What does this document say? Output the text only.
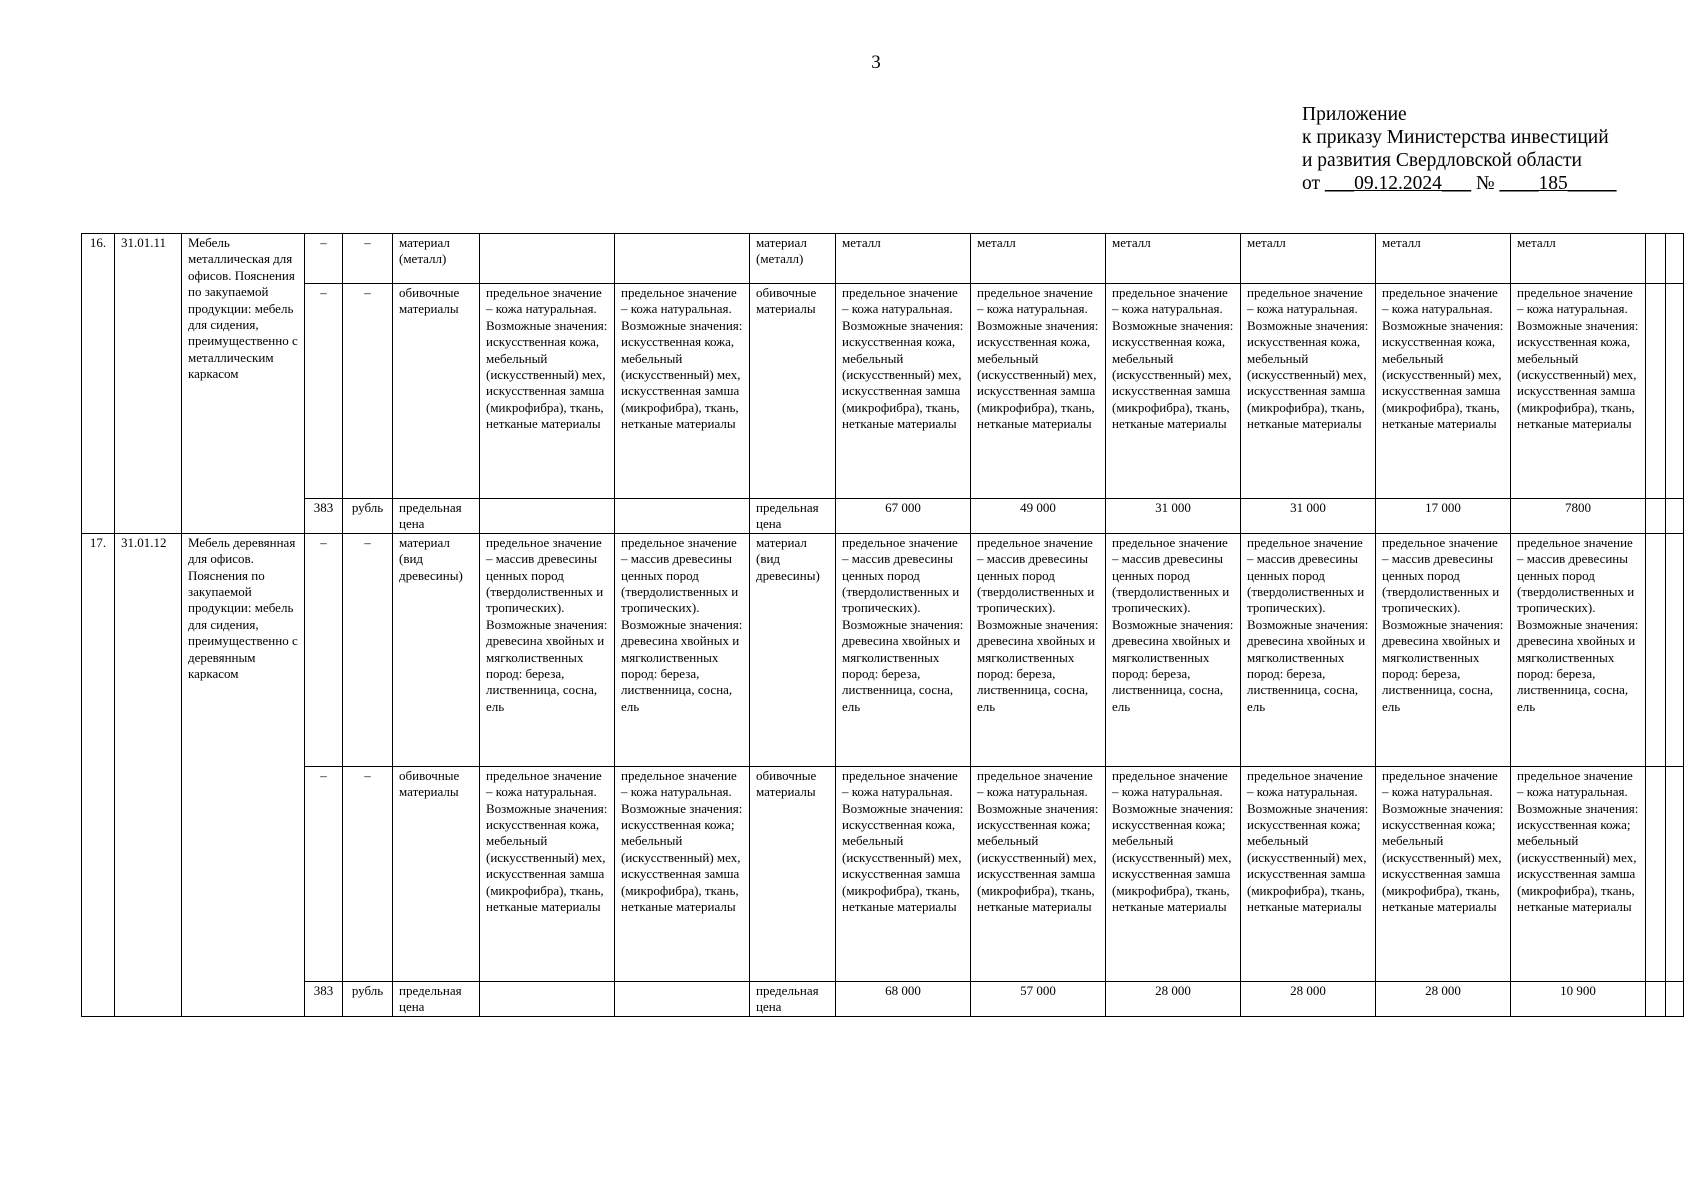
3
Приложение
к приказу Министерства инвестиций
и развития Свердловской области
от ___09.12.2024___ № ____185_____
16.	31.01.11	Мебель металлическая для офисов. Пояснения по закупаемой продукции: мебель для сидения, преимущественно с металлическим каркасом	–	–	материал (металл)			материал (металл)	металл	металл	металл	металл	металл	металл		
			–	–	обивочные материалы	предельное значение – кожа натуральная. Возможные значения: искусственная кожа, мебельный (искусственный) мех, искусственная замша (микрофибра), ткань, нетканые материалы	предельное значение – кожа натуральная. Возможные значения: искусственная кожа, мебельный (искусственный) мех, искусственная замша (микрофибра), ткань, нетканые материалы	обивочные материалы	предельное значение – кожа натуральная. Возможные значения: искусственная кожа, мебельный (искусственный) мех, искусственная замша (микрофибра), ткань, нетканые материалы	предельное значение – кожа натуральная. Возможные значения: искусственная кожа, мебельный (искусственный) мех, искусственная замша (микрофибра), ткань, нетканые материалы	предельное значение – кожа натуральная. Возможные значения: искусственная кожа, мебельный (искусственный) мех, искусственная замша (микрофибра), ткань, нетканые материалы	предельное значение – кожа натуральная. Возможные значения: искусственная кожа, мебельный (искусственный) мех, искусственная замша (микрофибра), ткань, нетканые материалы	предельное значение – кожа натуральная. Возможные значения: искусственная кожа, мебельный (искусственный) мех, искусственная замша (микрофибра), ткань, нетканые материалы	предельное значение – кожа натуральная. Возможные значения: искусственная кожа, мебельный (искусственный) мех, искусственная замша (микрофибра), ткань, нетканые материалы		
			383	рубль	предельная цена			предельная цена	67 000	49 000	31 000	31 000	17 000	7800		
17.	31.01.12	Мебель деревянная для офисов. Пояснения по закупаемой продукции: мебель для сидения, преимущественно с деревянным каркасом	–	–	материал (вид древесины)	предельное значение – массив древесины ценных пород (твердолиственных и тропических). Возможные значения: древесина хвойных и мягколиственных пород: береза, лиственница, сосна, ель	предельное значение – массив древесины ценных пород (твердолиственных и тропических). Возможные значения: древесина хвойных и мягколиственных пород: береза, лиственница, сосна, ель	материал (вид древесины)	предельное значение – массив древесины ценных пород (твердолиственных и тропических). Возможные значения: древесина хвойных и мягколиственных пород: береза, лиственница, сосна, ель	предельное значение – массив древесины ценных пород (твердолиственных и тропических). Возможные значения: древесина хвойных и мягколиственных пород: береза, лиственница, сосна, ель	предельное значение – массив древесины ценных пород (твердолиственных и тропических). Возможные значения: древесина хвойных и мягколиственных пород: береза, лиственница, сосна, ель	предельное значение – массив древесины ценных пород (твердолиственных и тропических). Возможные значения: древесина хвойных и мягколиственных пород: береза, лиственница, сосна, ель	предельное значение – массив древесины ценных пород (твердолиственных и тропических). Возможные значения: древесина хвойных и мягколиственных пород: береза, лиственница, сосна, ель	предельное значение – массив древесины ценных пород (твердолиственных и тропических). Возможные значения: древесина хвойных и мягколиственных пород: береза, лиственница, сосна, ель		
			–	–	обивочные материалы	предельное значение – кожа натуральная. Возможные значения: искусственная кожа, мебельный (искусственный) мех, искусственная замша (микрофибра), ткань, нетканые материалы	предельное значение – кожа натуральная. Возможные значения: искусственная кожа; мебельный (искусственный) мех, искусственная замша (микрофибра), ткань, нетканые материалы	обивочные материалы	предельное значение – кожа натуральная. Возможные значения: искусственная кожа, мебельный (искусственный) мех, искусственная замша (микрофибра), ткань, нетканые материалы	предельное значение – кожа натуральная. Возможные значения: искусственная кожа; мебельный (искусственный) мех, искусственная замша (микрофибра), ткань, нетканые материалы	предельное значение – кожа натуральная. Возможные значения: искусственная кожа; мебельный (искусственный) мех, искусственная замша (микрофибра), ткань, нетканые материалы	предельное значение – кожа натуральная. Возможные значения: искусственная кожа; мебельный (искусственный) мех, искусственная замша (микрофибра), ткань, нетканые материалы	предельное значение – кожа натуральная. Возможные значения: искусственная кожа; мебельный (искусственный) мех, искусственная замша (микрофибра), ткань, нетканые материалы	предельное значение – кожа натуральная. Возможные значения: искусственная кожа; мебельный (искусственный) мех, искусственная замша (микрофибра), ткань, нетканые материалы		
			383	рубль	предельная цена			предельная цена	68 000	57 000	28 000	28 000	28 000	10 900		
